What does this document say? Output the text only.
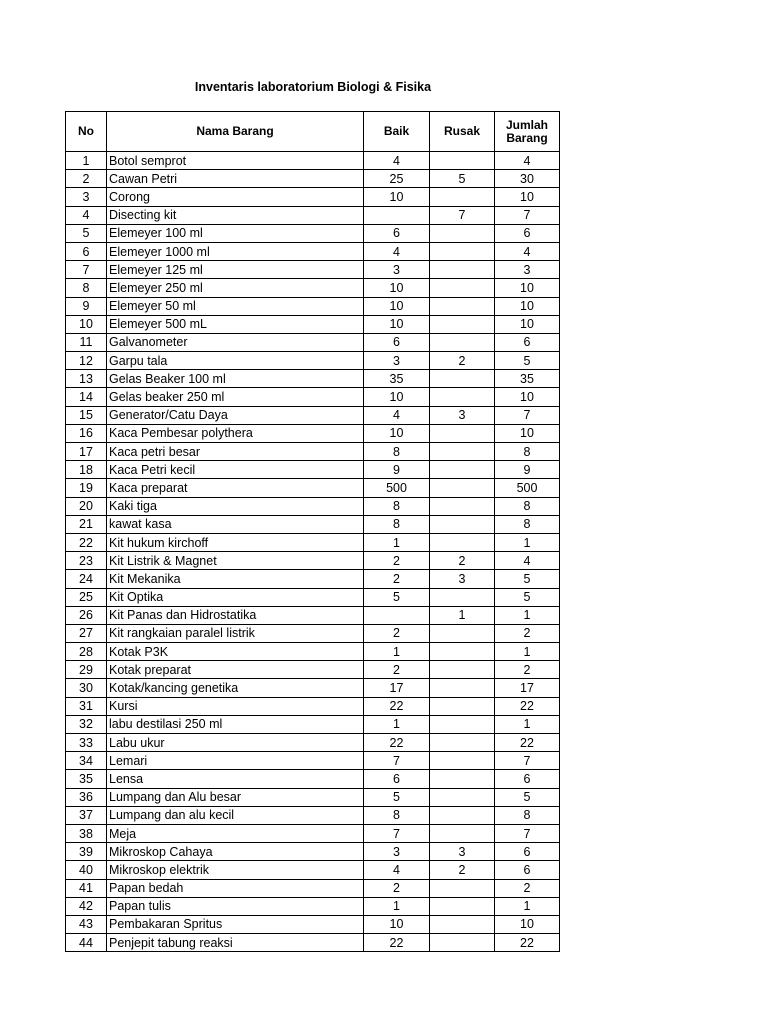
Inventaris laboratorium Biologi & Fisika
No	Nama Barang	Baik	Rusak	Jumlah
Barang
1	Botol semprot	4		4
2	Cawan Petri	25	5	30
3	Corong	10		10
4	Disecting kit		7	7
5	Elemeyer 100 ml	6		6
6	Elemeyer 1000 ml	4		4
7	Elemeyer 125 ml	3		3
8	Elemeyer 250 ml	10		10
9	Elemeyer 50 ml	10		10
10	Elemeyer 500 mL	10		10
11	Galvanometer	6		6
12	Garpu tala	3	2	5
13	Gelas Beaker 100 ml	35		35
14	Gelas beaker 250 ml	10		10
15	Generator/Catu Daya	4	3	7
16	Kaca Pembesar polythera	10		10
17	Kaca petri besar	8		8
18	Kaca Petri kecil	9		9
19	Kaca preparat	500		500
20	Kaki tiga	8		8
21	kawat kasa	8		8
22	Kit hukum kirchoff	1		1
23	Kit Listrik & Magnet	2	2	4
24	Kit Mekanika	2	3	5
25	Kit Optika	5		5
26	Kit Panas dan Hidrostatika		1	1
27	Kit rangkaian paralel listrik	2		2
28	Kotak P3K	1		1
29	Kotak preparat	2		2
30	Kotak/kancing genetika	17		17
31	Kursi	22		22
32	labu destilasi 250 ml	1		1
33	Labu ukur	22		22
34	Lemari	7		7
35	Lensa	6		6
36	Lumpang dan Alu besar	5		5
37	Lumpang dan alu kecil	8		8
38	Meja	7		7
39	Mikroskop Cahaya	3	3	6
40	Mikroskop elektrik	4	2	6
41	Papan bedah	2		2
42	Papan tulis	1		1
43	Pembakaran Spritus	10		10
44	Penjepit tabung reaksi	22		22
